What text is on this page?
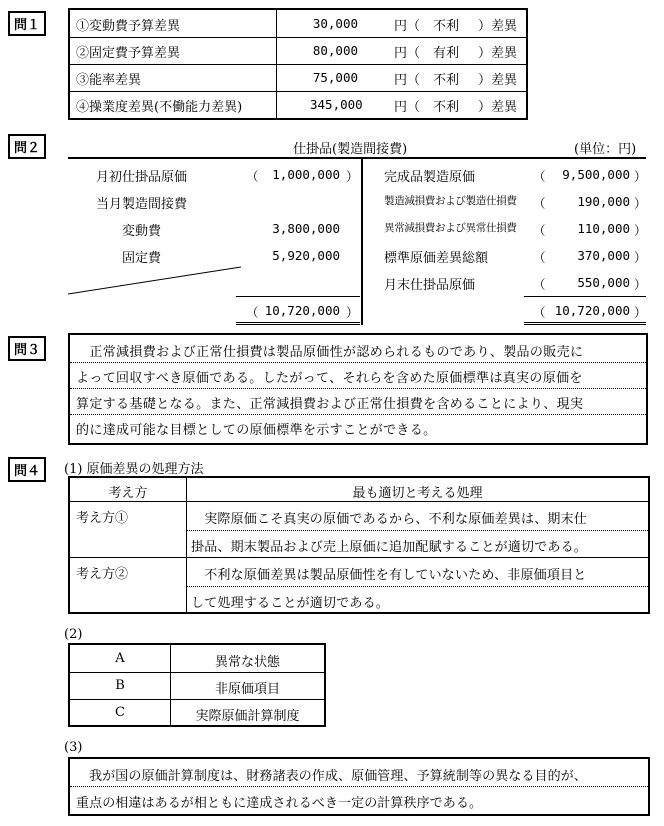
問１	①変動費予算差異	30,000	円（ 不利	）差異
②固定費予算差異	80,000	円（ 有利	）差異
③能率差異	75,000	円（ 不利	）差異
④操業度差異(不働能力差異)	345,000 円（ 不利	）差異
問２	仕掛品(製造間接費)	(単位：円)
月初仕掛品原価	（	1,000,000 ）
当月製造間接費
変動費	3,800,000
固定費	5,920,000
（ 10,720,000 ）
完成品製造原価	（	9,500,000 ）
製造減損費および製造仕損費 （	190,000 ）
異常減損費および異常仕損費 （	110,000 ）
標準原価差異総額	（	370,000 ）
月末仕掛品原価	（	550,000 ）
（ 10,720,000 ）
問３	　正常減損費および正常仕損費は製品原価性が認められるものであり、製品の販売に
よって回収すべき原価である。したがって、それらを含めた原価標準は真実の原価を
算定する基礎となる。また、正常減損費および正常仕損費を含めることにより、現実
的に達成可能な目標としての原価標準を示すことができる。
問４	(1) 原価差異の処理方法
考え方	最も適切と考える処理
考え方①	　実際原価こそ真実の原価であるから、不利な原価差異は、期末仕
掛品、期末製品および売上原価に追加配賦することが適切である。
考え方②	　不利な原価差異は製品原価性を有していないため、非原価項目と
して処理することが適切である。
(2)
A	異常な状態
B	非原価項目
C	実際原価計算制度
(3)
　我が国の原価計算制度は、財務諸表の作成、原価管理、予算統制等の異なる目的が、
重点の相違はあるが相ともに達成されるべき一定の計算秩序である。
